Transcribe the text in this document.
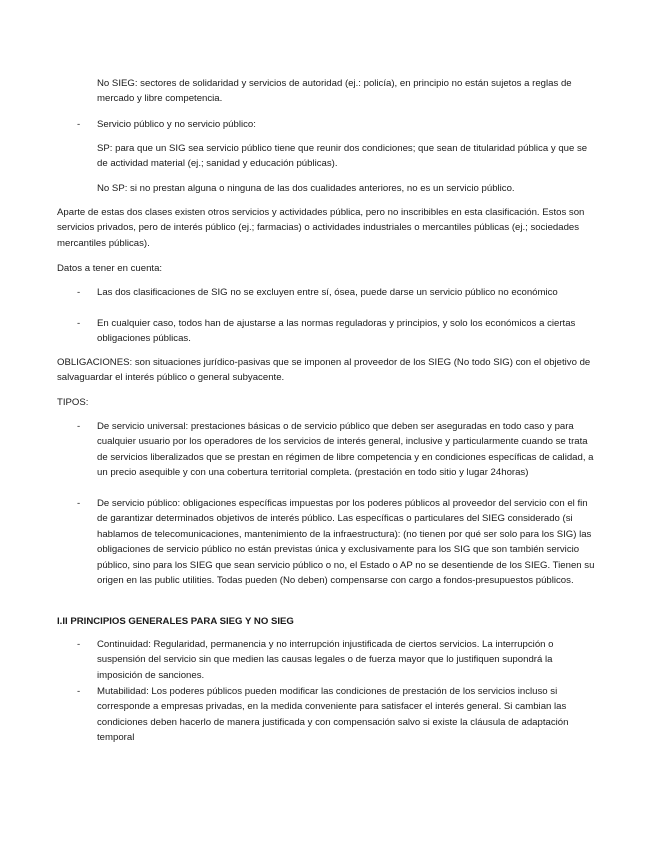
No SIEG: sectores de solidaridad y servicios de autoridad (ej.: policía), en principio no están sujetos a reglas de mercado y libre competencia.

- Servicio público y no servicio público:

SP: para que un SIG sea servicio público tiene que reunir dos condiciones; que sean de titularidad pública y que se de actividad material (ej.; sanidad y educación públicas).

No SP: si no prestan alguna o ninguna de las dos cualidades anteriores, no es un servicio público.

Aparte de estas dos clases existen otros servicios y actividades pública, pero no inscribibles en esta clasificación. Estos son servicios privados, pero de interés público (ej.; farmacias) o actividades industriales o mercantiles públicas (ej.; sociedades mercantiles públicas).

Datos a tener en cuenta:

- Las dos clasificaciones de SIG no se excluyen entre sí, ósea, puede darse un servicio público no económico
- En cualquier caso, todos han de ajustarse a las normas reguladoras y principios, y solo los económicos a ciertas obligaciones públicas.

OBLIGACIONES: son situaciones jurídico-pasivas que se imponen al proveedor de los SIEG (No todo SIG) con el objetivo de salvaguardar el interés público o general subyacente.

TIPOS:

- De servicio universal: prestaciones básicas o de servicio público que deben ser aseguradas en todo caso y para cualquier usuario por los operadores de los servicios de interés general, inclusive y particularmente cuando se trata de servicios liberalizados que se prestan en régimen de libre competencia y en condiciones específicas de calidad, a un precio asequible y con una cobertura territorial completa. (prestación en todo sitio y lugar 24horas)
- De servicio público: obligaciones específicas impuestas por los poderes públicos al proveedor del servicio con el fin de garantizar determinados objetivos de interés público. Las específicas o particulares del SIEG considerado (si hablamos de telecomunicaciones, mantenimiento de la infraestructura): (no tienen por qué ser solo para los SIG) las obligaciones de servicio público no están previstas única y exclusivamente para los SIG que son también servicio público, sino para los SIEG que sean servicio público o no, el Estado o AP no se desentiende de los SIEG. Tienen su origen en las public utilities. Todas pueden (No deben) compensarse con cargo a fondos-presupuestos públicos.

I.II PRINCIPIOS GENERALES PARA SIEG Y NO SIEG

- Continuidad: Regularidad, permanencia y no interrupción injustificada de ciertos servicios. La interrupción o suspensión del servicio sin que medien las causas legales o de fuerza mayor que lo justifiquen supondrá la imposición de sanciones.
- Mutabilidad: Los poderes públicos pueden modificar las condiciones de prestación de los servicios incluso si corresponde a empresas privadas, en la medida conveniente para satisfacer el interés general. Si cambian las condiciones deben hacerlo de manera justificada y con compensación salvo si existe la cláusula de adaptación temporal
